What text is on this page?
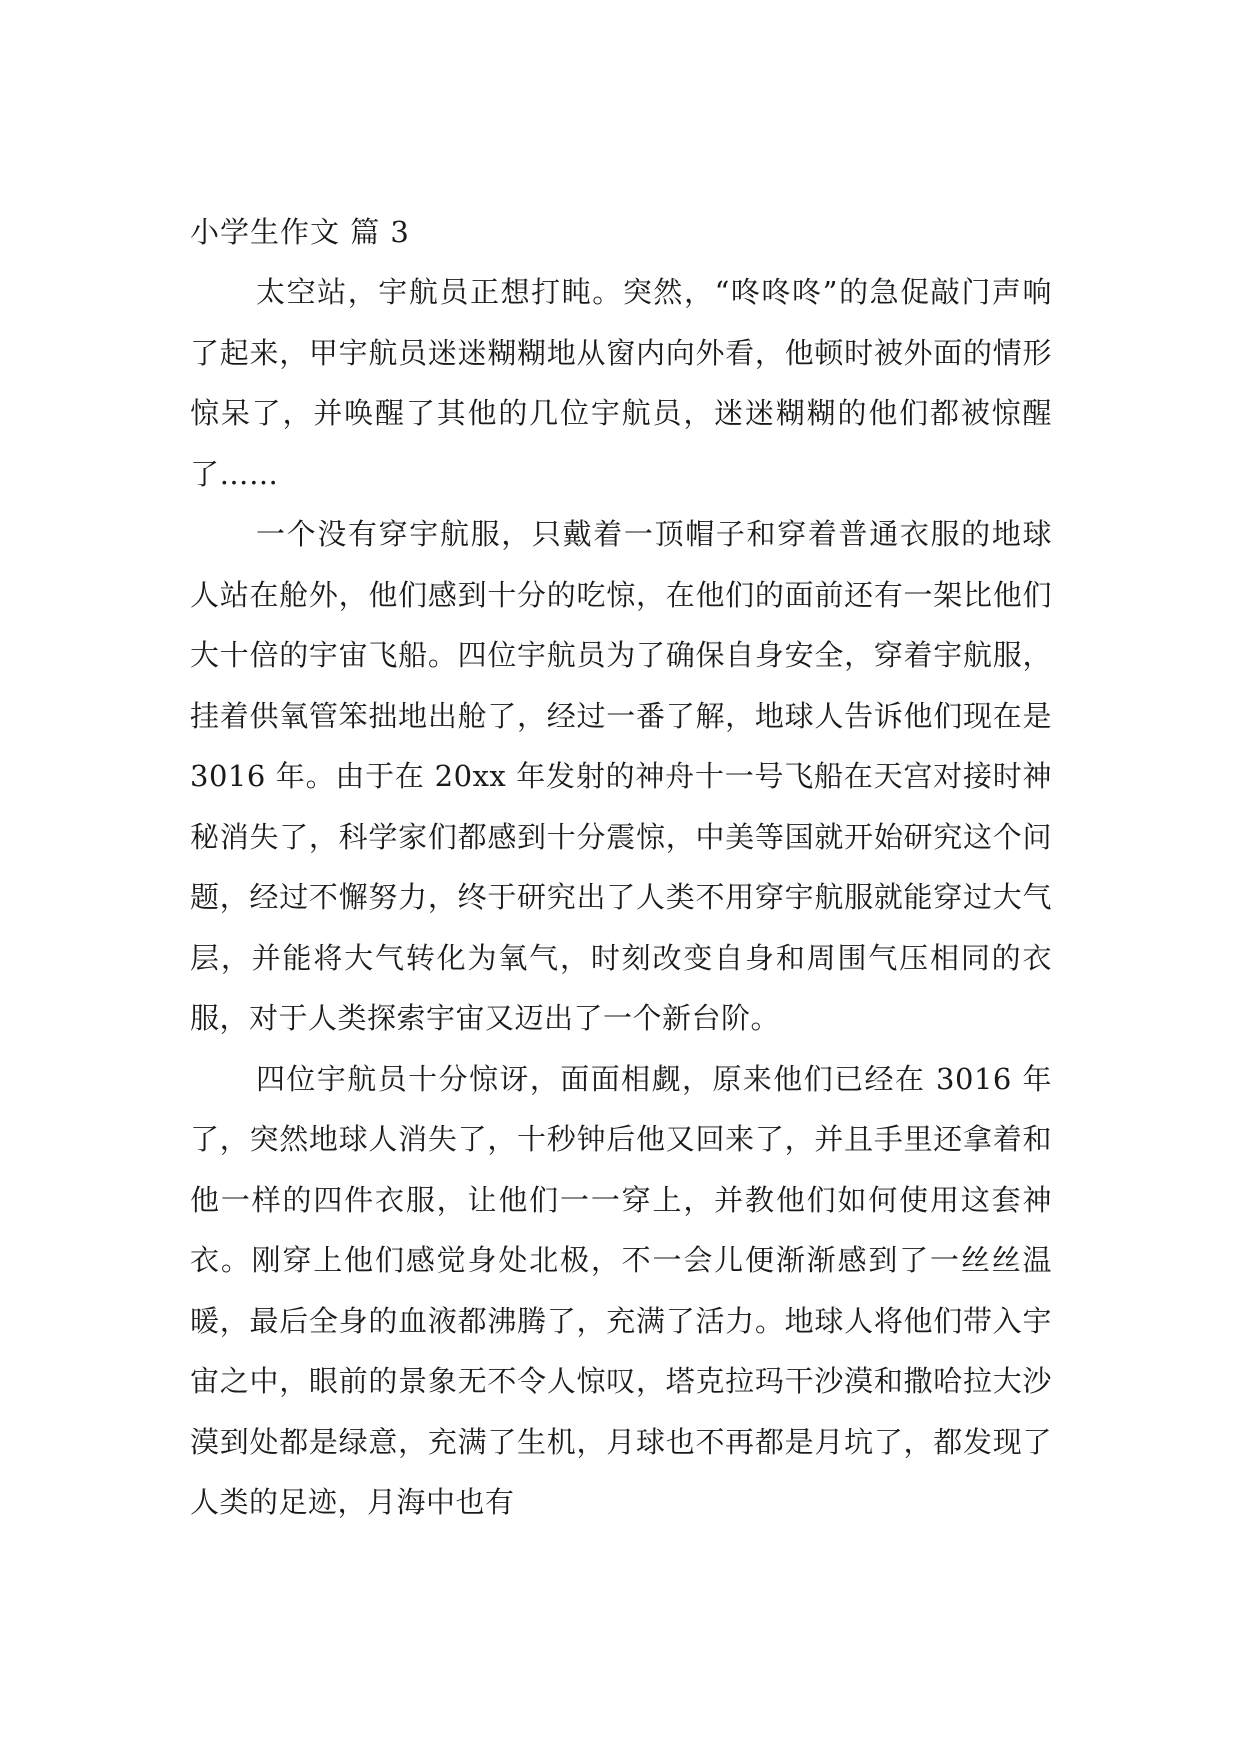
小学生作文 篇 3

太空站，宇航员正想打盹。突然，“咚咚咚”的急促敲门声响了起来，甲宇航员迷迷糊糊地从窗内向外看，他顿时被外面的情形惊呆了，并唤醒了其他的几位宇航员，迷迷糊糊的他们都被惊醒了……

一个没有穿宇航服，只戴着一顶帽子和穿着普通衣服的地球人站在舱外，他们感到十分的吃惊，在他们的面前还有一架比他们大十倍的宇宙飞船。四位宇航员为了确保自身安全，穿着宇航服，挂着供氧管笨拙地出舱了，经过一番了解，地球人告诉他们现在是 3016 年。由于在 20xx 年发射的神舟十一号飞船在天宫对接时神秘消失了，科学家们都感到十分震惊，中美等国就开始研究这个问题，经过不懈努力，终于研究出了人类不用穿宇航服就能穿过大气层，并能将大气转化为氧气，时刻改变自身和周围气压相同的衣服，对于人类探索宇宙又迈出了一个新台阶。

四位宇航员十分惊讶，面面相觑，原来他们已经在 3016 年了，突然地球人消失了，十秒钟后他又回来了，并且手里还拿着和他一样的四件衣服，让他们一一穿上，并教他们如何使用这套神衣。刚穿上他们感觉身处北极，不一会儿便渐渐感到了一丝丝温暖，最后全身的血液都沸腾了，充满了活力。地球人将他们带入宇宙之中，眼前的景象无不令人惊叹，塔克拉玛干沙漠和撒哈拉大沙漠到处都是绿意，充满了生机，月球也不再都是月坑了，都发现了人类的足迹，月海中也有
